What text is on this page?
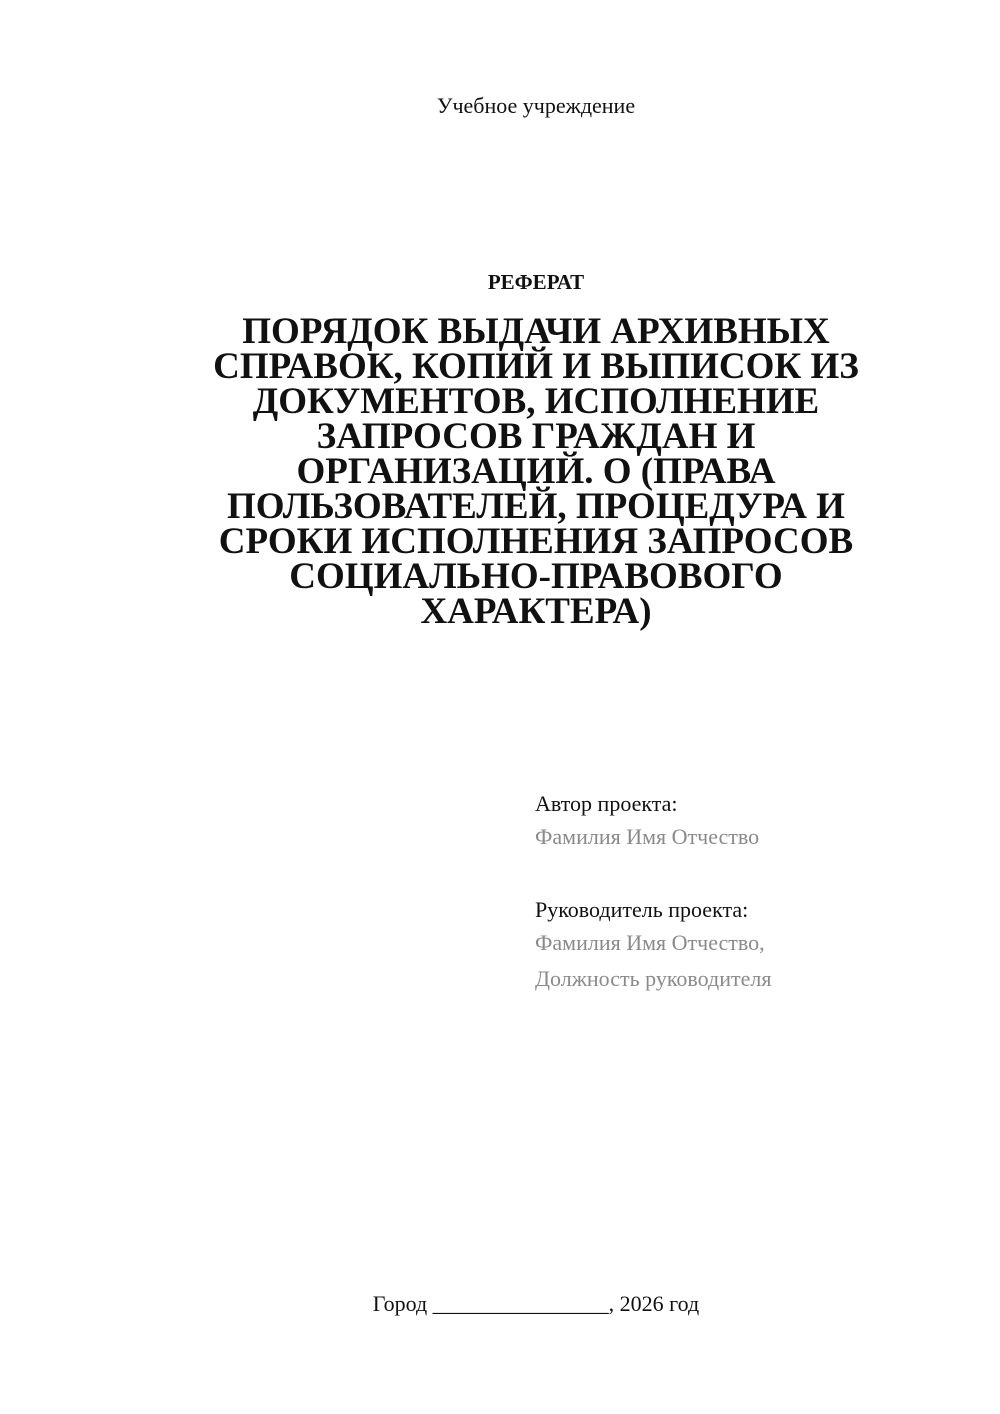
Учебное учреждение
РЕФЕРАТ
ПОРЯДОК ВЫДАЧИ АРХИВНЫХ
СПРАВОК, КОПИЙ И ВЫПИСОК ИЗ
ДОКУМЕНТОВ, ИСПОЛНЕНИЕ
ЗАПРОСОВ ГРАЖДАН И
ОРГАНИЗАЦИЙ. О (ПРАВА
ПОЛЬЗОВАТЕЛЕЙ, ПРОЦЕДУРА И
СРОКИ ИСПОЛНЕНИЯ ЗАПРОСОВ
СОЦИАЛЬНО-ПРАВОВОГО
ХАРАКТЕРА)
Автор проекта:
Фамилия Имя Отчество
Руководитель проекта:
Фамилия Имя Отчество,
Должность руководителя
Город ________________, 2026 год
